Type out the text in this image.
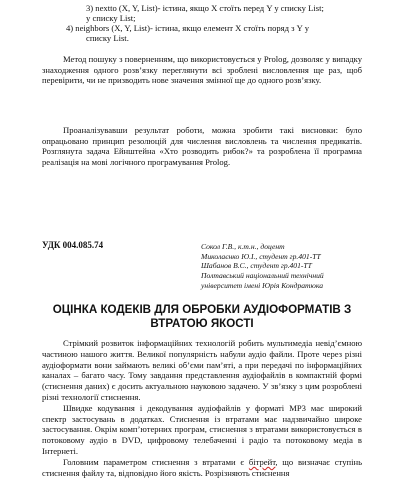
3) nextto (X, Y, List)- істина, якщо X стоїть перед Y у списку List;
у списку List;
4) neighbors (X, Y, List)- істина, якщо елемент X стоїть поряд з Y у
списку List.

Метод пошуку з поверненням, що використовується у Prolog, дозволяє у випадку знаходження одного розв’язку переглянути всі зроблені висловлення ще раз, щоб перевірити, чи не призводить нове значення змінної ще до одного розв’язку.

Проаналізувавши результат роботи, можна зробити такі висновки: було опрацьовано принцип резолюцій для числення висловлень та числення предикатів. Розглянута задача Ейнштейна «Хто розводить рибок?» та розроблена її програмна реалізація на мові логічного програмування Prolog.

УДК 004.085.74	Сокол Г.В., к.т.н., доцент
Миколаєнко Ю.І., студент гр.401-ТТ
Шабанов В.С., студент гр.401-ТТ
Полтавський національний технічний
університет імені Юрія Кондратюка
ОЦІНКА КОДЕКІВ ДЛЯ ОБРОБКИ АУДІОФОРМАТІВ З ВТРАТОЮ ЯКОСТІ

Стрімкий розвиток інформаційних технологій робить мультимедіа невід’ємною частиною нашого життя. Великої популярність набули аудіо файли. Проте через різні аудіоформати вони займають великі об’єми пам’яті, а при передачі по інформаційних каналах – багато часу. Тому завдання представлення аудіофайлів в компактній формі (стиснення даних) є досить актуальною науковою задачею. У зв’язку з цим розроблені різні технології стиснення.

Швидке кодування і декодування аудіофайлів у форматі MP3 має широкий спектр застосувань в додатках. Стиснення із втратами має надзвичайно широке застосування. Окрім комп’ютерних програм, стиснення з втратами використовується в потоковому аудіо в DVD, цифровому телебаченні і радіо та потоковому медіа в Інтернеті.

Головним параметром стиснення з втратами є бітрейт, що визначає ступінь стиснення файлу та, відповідно його якість. Розрізняють стиснення
